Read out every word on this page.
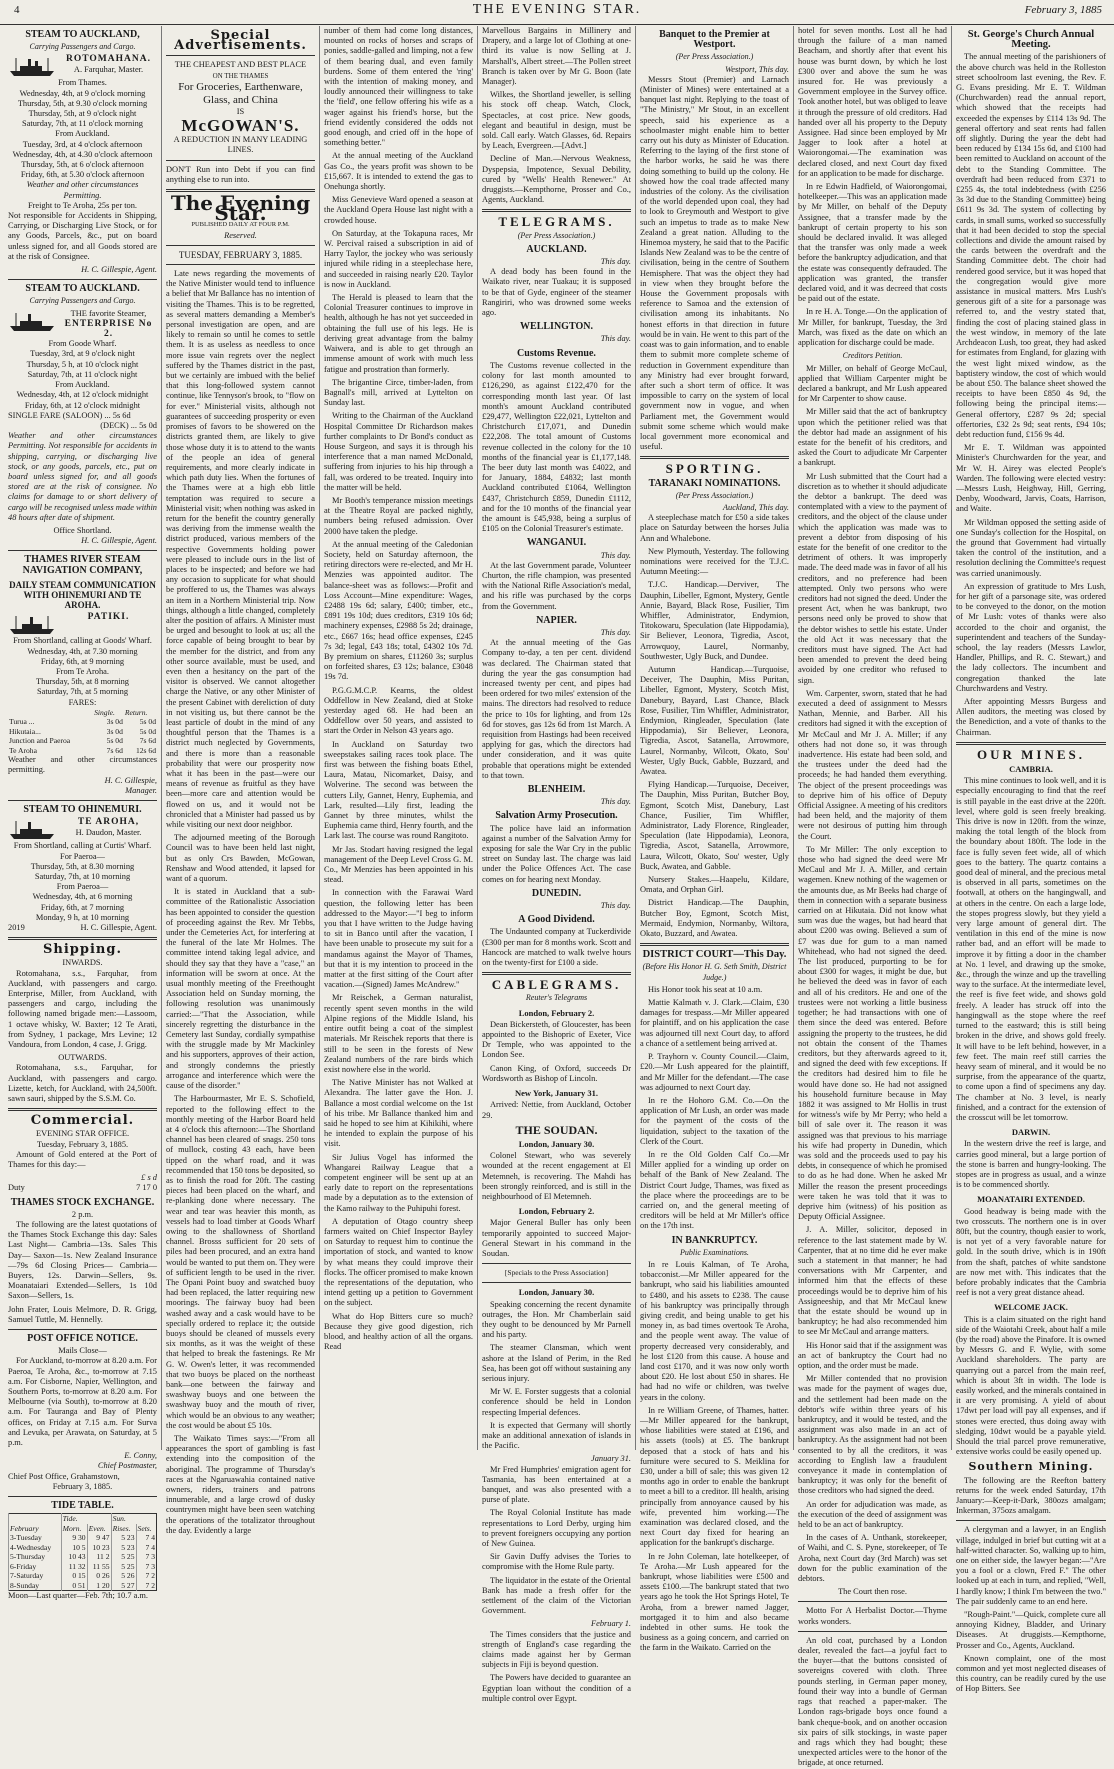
4	THE EVENING STAR.	February 3, 1885
STEAM TO AUCKLAND,
Carrying Passengers and Cargo.
ROTOMAHANA.
A. Farquhar, Master.
From Thames.
Wednesday, 4th, at 9 o'clock morning
Thursday, 5th, at 9.30 o'clock morning
Thursday, 5th, at 9 o'clock night
Saturday, 7th, at 11 o'clock morning
From Auckland.
Tuesday, 3rd, at 4 o'clock afternoon
Wednesday, 4th, at 4.30 o'clock afternoon
Thursday, 5th, at 6 o'clock afternoon
Friday, 6th, at 5.30 o'clock afternoon
Weather and other circumstances Permitting.
Freight to Te Aroha, 25s per ton.

Not responsible for Accidents in Shipping, Carrying, or Discharging Live Stock, or for any Goods, Parcels, &c., put on board unless signed for, and all Goods stored are at the risk of Consignee.

H. C. Gillespie, Agent.
STEAM TO AUCKLAND.
Carrying Passengers and Cargo.
THE favorite Steamer,
ENTERPRISE No 2.
From Goode Wharf.
Tuesday, 3rd, at 9 o'clock night
Thursday, 5 h, at 10 o'clock night
Saturday, 7th, at 11 o'clock night
From Auckland.
Wednesday, 4th, at 12 o'clock midnight
Friday, 6th, at 12 o'clock midnight
SINGLE FARE (SALOON) ... 5s 6d
(DECK) ... 5s 0d

Weather and other circumstances Permitting. Not responsible for accidents in shipping, carrying, or discharging live stock, or any goods, parcels, etc., put on board unless signed for, and all goods stored are at the risk of consignee. No claims for damage to or short delivery of cargo will be recognised unless made within 48 hours after date of shipment.

Office Shortland.
H. C. Gillespie, Agent.
THAMES RIVER STEAM NAVIGATION COMPANY,
DAILY STEAM COMMUNICATION WITH OHINEMURI AND TE AROHA.
PATIKI.
From Shortland, calling at Goods' Wharf.
Wednesday, 4th, at 7.30 morning
Friday, 6th, at 9 morning
From Te Aroha.
Thursday, 5th, at 8 morning
Saturday, 7th, at 5 morning
FARES:
	Single.	Return.
Turua ...	3s 0d	5s 0d
Hikutaia...	3s 0d	5s 0d
Junction and Paeroa	5s 0d	7s 6d
Te Aroha	7s 6d	12s 6d
Weather and other circumstances permitting.
H. C. Gillespie,
Manager.
STEAM TO OHINEMURI.
TE AROHA,
H. Daudon, Master.
From Shortland, calling at Curtis' Wharf.
For Paeroa—
Thursday, 5th, at 8.30 morning
Saturday, 7th, at 10 morning
From Paeroa—
Wednesday, 4th, at 6 morning
Friday, 6th, at 7 morning
Monday, 9 h, at 10 morning
2019	H. C. Gillespie, Agent.
Shipping.
INWARDS.

Rotomahana, s.s., Farquhar, from Auckland, with passengers and cargo. Enterprise, Miller, from Auckland, with passengers and cargo, including the following named brigade men:—Lassoom, 1 octave whisky, W. Baxter; 12 Te Arati, from Sydney, 1 package, Mrs Levine; 12 Vandoura, from London, 4 case, J. Grigg.

OUTWARDS.

Rotomahana, s.s., Farquhar, for Auckland, with passengers and cargo. Lizette, ketch, for Auckland, with 24,500ft. sawn sauri, shipped by the S.S.M. Co.

Commercial.
EVENING STAR OFFICE.
Tuesday, February 3, 1885.

Amount of Gold entered at the Port of Thames for this day:—

£ s d
Duty	7 17 0
THAMES STOCK EXCHANGE.
2 p.m.

The following are the latest quotations of the Thames Stock Exchange this day: Sales Last Night— Cambria—13s. Sales This Day— Saxon—1s. New Zealand Insurance—79s 6d Closing Prices— Cambria—Buyers, 12s. Darwin—Sellers, 9s. Moanataiari Extended—Sellers, 1s 10d Saxon—Sellers, 1s.

John Frater, Louis Melmore, D. R. Grigg, Samuel Tuttle, M. Hennelly.

POST OFFICE NOTICE.
Mails Close—

For Auckland, to-morrow at 8.20 a.m. For Paeroa, Te Aroha, &c., to-morrow at 7.15 a.m. For Cisborne, Napier, Wellington, and Southern Ports, to-morrow at 8.20 a.m. For Melbourne (via South), to-morrow at 8.20 a.m. For Tauranga and Bay of Plenty offices, on Friday at 7.15 a.m. For Surva and Levuka, per Arawata, on Saturday, at 5 p.m.

E. Conny,
Chief Postmaster,
Chief Post Office, Grahamstown,
February 3, 1885.
TIDE TABLE.
	Tide.		Sun.	
February	Morn.	Even.	Rises.	Sets.
3-Tuesday	9 30	9 47	5 23	7 4
4-Wednesday	10 5	10 23	5 23	7 4
5-Thursday	10 43	11 2	5 25	7 3
6-Friday	11 32	11 55	5 25	7 3
7-Saturday	0 15	0 26	5 26	7 2
8-Sunday	0 51	1 20	5 27	7 2
Moon—Last quarter—Feb. 7th; 10.7 a.m.
Special Advertisements.
THE CHEAPEST AND BEST PLACE
ON THE THAMES
For Groceries, Earthenware, Glass, and China
IS
McGOWAN'S.
A REDUCTION IN MANY LEADING LINES.

DON'T Run into Debt if you can find anything else to run into.

The Evening Star.
PUBLISHED DAILY AT FOUR P.M.
Reserved.
TUESDAY, FEBRUARY 3, 1885.

Late news regarding the movements of the Native Minister would tend to influence a belief that Mr Ballance has no intention of visiting the Thames. This is to be regretted, as several matters demanding a Member's personal investigation are open, and are likely to remain so until he comes to settle them. It is as useless as needless to once more issue vain regrets over the neglect suffered by the Thames district in the past, but we certainly are imbued with the belief that this long-followed system cannot continue, like Tennyson's brook, to "flow on for ever." Ministerial visits, although not guarantees of succeeding prosperity or even promises of favors to be showered on the districts granted them, are likely to give those whose duty it is to attend to the wants of the people an idea of general requirements, and more clearly indicate in which path duty lies. When the fortunes of the Thames were at a high ebb little temptation was required to secure a Ministerial visit; when nothing was asked in return for the benefit the country generally was deriving from the immense wealth the district produced, various members of the respective Governments holding power were pleased to include ours in the list of places to be inspected; and before we had any occasion to supplicate for what should be proffered to us, the Thames was always an item in a Northern Ministerial trip. Now things, although a little changed, completely alter the position of affairs. A Minister must be urged and besought to look at us; all the force capable of being brought to bear by the member for the district, and from any other source available, must be used, and even then a hesitancy on the part of the visitor is observed. We cannot altogether charge the Native, or any other Minister of the present Cabinet with dereliction of duty in not visiting us, but there cannot be the least particle of doubt in the mind of any thoughtful person that the Thames is a district much neglected by Governments, and there is more than a reasonable probability that were our prosperity now what it has been in the past—were our means of revenue as fruitful as they have been—more care and attention would be flowed on us, and it would not be chronicled that a Minister had passed us by while visiting our next door neighbor.

The adjourned meeting of the Borough Council was to have been held last night, but as only Crs Bawden, McGowan, Renshaw and Wood attended, it lapsed for want of a quorum.

It is stated in Auckland that a sub-committee of the Rationalistic Association has been appointed to consider the question of proceeding against the Rev. Mr Tebbs, under the Cemeteries Act, for interfering at the funeral of the late Mr Holmes. The committee intend taking legal advice, and should they say that they have a "case," an information will be sworn at once. At the usual monthly meeting of the Freethought Association held on Sunday morning, the following resolution was unanimously carried:—"That the Association, while sincerely regretting the disturbance in the Cemetery last Sunday, cordially sympathise with the struggle made by Mr Mackinley and his supporters, approves of their action, and strongly condemns the priestly arrogance and interference which were the cause of the disorder."

The Harbourmaster, Mr E. S. Schofield, reported to the following effect to the monthly meeting of the Harbor Board held at 4 o'clock this afternoon:—The Shortland channel has been cleared of snags. 250 tons of mullock, costing 43 each, have been tipped on the wharf road, and it was recommended that 150 tons be deposited, so as to finish the road for 20ft. The casting pieces had been placed on the wharf, and re-planking done where necessary. The wear and tear was heavier this month, as vessels had to load timber at Goods Wharf owing to the shallowness of Shortland channel. Brosss sufficient for 20 sets of piles had been procured, and an extra hand would be wanted to put them on. They were of sufficient length to be used in the river. The Opani Point buoy and swatched buoy had been replaced, the latter requiring new moorings. The fairway buoy had been washed away and a cask would have to be specially ordered to replace it; the outside buoys should be cleaned of mussels every six months, as it was the weight of these that helped to break the fastenings. Re Mr G. W. Owen's letter, it was recommended that two buoys be placed on the northeast bank—one between the fairway and swashway buoys and one between the swashway buoy and the mouth of river, which would be an obvious to any weather; the cost would be about £5 10s.

The Waikato Times says:—"From all appearances the sport of gambling is fast extending into the composition of the aboriginal. The programme of Thursday's races at the Ngaruawahia contained native owners, riders, trainers and patrons innumerable, and a large crowd of dusky countrymen might have been seen watching the operations of the totalizator throughout the day. Evidently a large

number of them had come long distances, mounted on rocks of horses and scraps of ponies, saddle-galled and limping, not a few of them bearing dual, and even family burdens. Some of them entered the 'ring' with the intention of making money, and loudly announced their willingness to take the 'field', one fellow offering his wife as a wager against his friend's horse, but the friend evidently considered the odds not good enough, and cried off in the hope of something better."

At the annual meeting of the Auckland Gas Co., the years profit was shown to be £15,667. It is intended to extend the gas to Onehunga shortly.

Miss Genevieve Ward opened a season at the Auckland Opera House last night with a crowded house.

On Saturday, at the Tokapuna races, Mr W. Percival raised a subscription in aid of Harry Taylor, the jockey who was seriously injured while riding in a steeplechase here, and succeeded in raising nearly £20. Taylor is now in Auckland.

The Herald is pleased to learn that the Colonial Treasurer continues to improve in health, although he has not yet succeeded in obtaining the full use of his legs. He is deriving great advantage from the balmy Waiwera, and is able to get through an immense amount of work with much less fatigue and prostration than formerly.

The brigantine Circe, timber-laden, from Bagnall's mill, arrived at Lyttelton on Sunday last.

Writing to the Chairman of the Auckland Hospital Committee Dr Richardson makes further complaints to Dr Bond's conduct as House Surgeon, and says it is through his interference that a man named McDonald, suffering from injuries to his hip through a fall, was ordered to be treated. Inquiry into the matter will be held.

Mr Booth's temperance mission meetings at the Theatre Royal are packed nightly, numbers being refused admission. Over 2000 have taken the pledge.

At the annual meeting of the Caledonian Society, held on Saturday afternoon, the retiring directors were re-elected, and Mr H. Menzies was appointed auditor. The balance-sheet was as follows:—Profit and Loss Account—Mine expenditure: Wages, £2488 19s 6d; salary, £400; timber, etc., £891 19s 10d; dues creditors, £319 10s 6d; machinery expenses, £2988 5s 2d; drainage, etc., £667 16s; head office expenses, £245 7s 3d; legal, £43 18s; total, £4302 10s 7d. By premium on shares, £11260 3s; surplus on forfeited shares, £3 12s; balance, £3048 19s 7d.

P.G.G.M.C.P. Kearns, the oldest Oddfellow in New Zealand, died at Stoke yesterday aged 68. He had been an Oddfellow over 50 years, and assisted to start the Order in Nelson 43 years ago.

In Auckland on Saturday two sweepstakes sailing races took place. The first was between the fishing boats Ethel, Laura, Matau, Nicomarket, Daisy, and Wolverine. The second was between the cutters Lily, Gannet, Henry, Euphemia, and Lark, resulted—Lily first, leading the Gannet by three minutes, whilst the Euphemia came third, Henry fourth, and the Lark last. The course was round Rangitoto.

Mr Jas. Stodart having resigned the legal management of the Deep Level Cross G. M. Co., Mr Menzies has been appointed in his stead.

In connection with the Farawai Ward question, the following letter has been addressed to the Mayor:—"I beg to inform you that I have written to the Judge having to sit in Banco until after the vacation, I have been unable to prosecute my suit for a mandamus against the Mayor of Thames, but that it is my intention to proceed in the matter at the first sitting of the Court after vacation.—(Signed) James McAndrew."

Mr Reischek, a German naturalist, recently spent seven months in the wild Alpine regions of the Middle Island, his entire outfit being a coat of the simplest materials. Mr Reischek reports that there is still to be seen in the forests of New Zealand numbers of the rare birds which exist nowhere else in the world.

The Native Minister has not Walked at Alexandra. The latter gave the Hon. J. Ballance a most cordial welcome on the 1st of his tribe. Mr Ballance thanked him and said he hoped to see him at Kihikihi, where he intended to explain the purpose of his visit.

Sir Julius Vogel has informed the Whangarei Railway League that a competent engineer will be sent up at an early date to report on the representations made by a deputation as to the extension of the Kamo railway to the Puhipuhi forest.

A deputation of Otago country sheep farmers waited on Chief Inspector Bayley on Saturday to request him to continue the importation of stock, and wanted to know by what means they could improve their flocks. The officer promised to make known the representations of the deputation, who intend getting up a petition to Government on the subject.

What do Hop Bitters cure so much? Because they give good digestion, rich blood, and healthy action of all the organs. Read

Marvellous Bargains in Millinery and Drapery, and a large lot of Clothing at one-third its value is now Selling at J. Marshall's, Albert street.—The Pollen street Branch is taken over by Mr G. Boon (late Manager).

Wilkes, the Shortland jeweller, is selling his stock off cheap. Watch, Clock, Spectacles, at cost price. New goods, elegant and beautiful in design, must be sold. Call early. Watch Glasses, 6d. Repairs by Leach, Evergreen.—[Advt.]

Decline of Man.—Nervous Weakness, Dyspepsia, Impotence, Sexual Debility, cured by "Wells' Health Renewer." At druggists.—Kempthorne, Prosser and Co., Agents, Auckland.

TELEGRAMS.
(Per Press Association.)
AUCKLAND.
This day.

A dead body has been found in the Waikato river, near Tuakau; it is supposed to be that of Gyde, engineer of the steamer Rangiriri, who was drowned some weeks ago.

WELLINGTON.
This day.
Customs Revenue.

The Customs revenue collected in the colony for last month amounted to £126,290, as against £122,470 for the corresponding month last year. Of last month's amount Auckland contributed £29,477, Wellington £22,021, Lyttelton and Christchurch £17,071, and Dunedin £22,208. The total amount of Customs revenue collected in the colony for the 10 months of the financial year is £1,177,148. The beer duty last month was £4022, and for January, 1884, £4832; last month Auckland contributed £1064, Wellington £437, Christchurch £859, Dunedin £1112, and for the 10 months of the financial year the amount is £45,938, being a surplus of £105 on the Colonial Treasurer's estimate.

WANGANUI.
This day.

At the last Government parade, Volunteer Churton, the rifle champion, was presented with the National Rifle Association's medal, and his rifle was purchased by the corps from the Government.

NAPIER.
This day.

At the annual meeting of the Gas Company to-day, a ten per cent. dividend was declared. The Chairman stated that during the year the gas consumption had increased twenty per cent, and pipes had been ordered for two miles' extension of the mains. The directors had resolved to reduce the price to 10s for lighting, and from 12s 6d for stoves, gas 12s 6d from 1st March. A requisition from Hastings had been received applying for gas, which the directors had under consideration, and it was quite probable that operations might be extended to that town.

BLENHEIM.
This day.
Salvation Army Prosecution.

The police have laid an information against a number of the Salvation Army for exposing for sale the War Cry in the public street on Sunday last. The charge was laid under the Police Offences Act. The case comes on for hearing next Monday.

DUNEDIN.
This day.
A Good Dividend.

The Undaunted company at Tuckerdivide (£300 per man for 8 months work. Scott and Hancock are matched to walk twelve hours on the twenty-first for £100 a side.

CABLEGRAMS.
Reuter's Telegrams
London, February 2.

Dean Bickersteth, of Gloucester, has been appointed to the Bishopric of Exeter, Vice Dr Temple, who was appointed to the London See.

Canon King, of Oxford, succeeds Dr Wordsworth as Bishop of Lincoln.

New York, January 31.

Arrived: Nettie, from Auckland, October 29.

THE SOUDAN.
London, January 30.

Colonel Stewart, who was severely wounded at the recent engagement at El Metemneh, is recovering. The Mahdi has been strongly reinforced, and is still in the neighbourhood of El Metemneh.

London, February 2.

Major General Buller has only been temporarily appointed to succeed Major-General Stewart in his command in the Soudan.

[Specials to the Press Association]
London, January 30.

Speaking concerning the recent dynamite outrages, the Hon. Mr Chamberlain said they ought to be denounced by Mr Parnell and his party.

The steamer Clansman, which went ashore at the Island of Perim, in the Red Sea, has been got off without sustaining any serious injury.

Mr W. E. Forster suggests that a colonial conference should be held in London respecting Imperial defences.

It is expected that Germany will shortly make an additional annexation of islands in the Pacific.

January 31.

Mr Fred Humphries' emigration agent for Tasmania, has been entertained at a banquet, and was also presented with a purse of plate.

The Royal Colonial Institute has made representations to Lord Derby, urging him to prevent foreigners occupying any portion of New Guinea.

Sir Gavin Duffy advises the Tories to compromise with the Home Rule party.

The liquidator in the estate of the Oriental Bank has made a fresh offer for the settlement of the claim of the Victorian Government.

February 1.

The Times considers that the justice and strength of England's case regarding the claims made against her by German subjects in Fiji is beyond question.

The Powers have decided to guarantee an Egyptian loan without the condition of a multiple control over Egypt.

Banquet to the Premier at Westport.
(Per Press Association.)
Westport, This day.

Messrs Stout (Premier) and Larnach (Minister of Mines) were entertained at a banquet last night. Replying to the toast of "The Ministry," Mr Stout, in an excellent speech, said his experience as a schoolmaster might enable him to better carry out his duty as Minister of Education. Referring to the laying of the first stone of the harbor works, he said he was there doing something to build up the colony. He showed how the coal trade affected many industries of the colony. As the civilisation of the world depended upon coal, they had to look to Greymouth and Westport to give such an impetus to trade as to make New Zealand a great nation. Alluding to the Hinemoa mystery, he said that to the Pacific Islands New Zealand was to be the centre of civilisation, being in the centre of Southern Hemisphere. That was the object they had in view when they brought before the House the Government proposals with reference to Samoa and the extension of civilisation among its inhabitants. No honest efforts in that direction in future would be in vain. He went to this part of the coast was to gain information, and to enable them to submit more complete scheme of reduction in Government expenditure than any Ministry had ever brought forward, after such a short term of office. It was impossible to carry on the system of local government now in vogue, and when Parliament met, the Government would submit some scheme which would make local government more economical and useful.

SPORTING.
TARANAKI NOMINATIONS.
(Per Press Association.)
Auckland, This day.

A steeplechase match for £50 a side takes place on Saturday between the horses Julia Ann and Whalebone.

New Plymouth, Yesterday. The following nominations were received for the T.J.C. Autumn Meeting:—

T.J.C. Handicap.—Derviver, The Dauphin, Libeller, Egmont, Mystery, Gentle Annie, Bayard, Black Rose, Fusilier, Tim Whiffler, Administrator, Endymion, Titokowaru, Speculation (late Hippodamia), Sir Believer, Leonora, Tigredia, Ascot, Arrowquoy, Laurel, Normanby, Southwester, Ugly Buck, and Dundee.

Autumn Handicap.—Turquoise, Deceiver, The Dauphin, Miss Puritan, Libeller, Egmont, Mystery, Scotch Mist, Danebury, Bayard, Last Chance, Black Rose, Fusilier, Tim Whiffler, Administrator, Endymion, Ringleader, Speculation (late Hippodamia), Sir Believer, Leonora, Tigredia, Ascot, Satanella, Arrowmore, Laurel, Normanby, Wilcott, Okato, Sou' Wester, Ugly Buck, Gabble, Buzzard, and Awatea.

Flying Handicap.—Turquoise, Deceiver, The Dauphin, Miss Puritan, Butcher Boy, Egmont, Scotch Mist, Danebury, Last Chance, Fusilier, Tim Whiffler, Administrator, Lady Florence, Ringleader, Speculation (late Hippodamia), Leonora, Tigredia, Ascot, Satanella, Arrowmore, Laura, Wilcott, Okato, Sou' wester, Ugly Buck, Awatea, and Gabble.

Nursery Stakes.—Haapelu, Kildare, Omata, and Orphan Girl.

District Handicap.—The Dauphin, Butcher Boy, Egmont, Scotch Mist, Mermaid, Endymion, Normanby, Wiltora, Okato, Buzzard, and Awatea.

DISTRICT COURT—This Day.
(Before His Honor H. G. Seth Smith, District Judge.)

His Honor took his seat at 10 a.m.

Mattie Kalmath v. J. Clark.—Claim, £30 damages for trespass.—Mr Miller appeared for plaintiff, and on his application the case was adjourned till next Court day, to afford a chance of a settlement being arrived at.

P. Trayhorn v. County Council.—Claim, £20.—Mr Lush appeared for the plaintiff, and Mr Miller for the defendant.—The case was adjourned to next Court day.

In re the Hohoro G.M. Co.—On the application of Mr Lush, an order was made for the payment of the costs of the liquidation, subject to the taxation of the Clerk of the Court.

In re the Old Golden Calf Co.—Mr Miller applied for a winding up order on behalf of the Bank of New Zealand. The District Court Judge, Thames, was fixed as the place where the proceedings are to be carried on, and the general meeting of creditors will be held at Mr Miller's office on the 17th inst.

IN BANKRUPTCY.
Public Examinations.

In re Louis Kalman, of Te Aroha, tobacconist.—Mr Miller appeared for the bankrupt, who said his liabilities amounted to £480, and his assets to £238. The cause of his bankruptcy was principally through giving credit, and being unable to get his money in, as bad times overtook Te Aroha, and the people went away. The value of property decreased very considerably, and he lost £120 from this cause. A house and land cost £170, and it was now only worth about £20. He lost about £50 in shares. He had had no wife or children, was twelve years in the colony.

In re William Greene, of Thames, hatter.—Mr Miller appeared for the bankrupt, whose liabilities were stated at £196, and his assets (tools) at £5. The bankrupt deposed that a stock of hats and his furniture were secured to S. Meiklina for £30, under a bill of sale; this was given 12 months ago in order to enable the bankrupt to meet a bill to a creditor. Ill health, arising principally from annoyance caused by his wife, prevented him working.—The examination was declared closed, and the next Court day fixed for hearing an application for the bankrupt's discharge.

In re John Coleman, late hotelkeeper, of Te Aroha.—Mr Lush appeared for the bankrupt, whose liabilities were £500 and assets £100.—The bankrupt stated that two years ago he took the Hot Springs Hotel, Te Aroha, from a brewer named Jagger, mortgaged it to him and also became indebted in other sums. He took the business as a going concern, and carried on the farm in the Waikato. Carried on the

hotel for seven months. Lost all he had through the failure of a man named Beacham, and shortly after that event his house was burnt down, by which he lost £300 over and above the sum he was insured for. He was previously a Government employee in the Survey office. Took another hotel, but was obliged to leave it through the pressure of old creditors. Had handed over all his property to the Deputy Assignee. Had since been employed by Mr Jagger to look after a hotel at Waiorongomai.—The examination was declared closed, and next Court day fixed for an application to be made for discharge.

In re Edwin Hadfield, of Waiorongomai, hotelkeeper.—This was an application made by Mr Miller, on behalf of the Deputy Assignee, that a transfer made by the bankrupt of certain property to his son should be declared invalid. It was alleged that the transfer was only made a week before the bankruptcy adjudication, and that the estate was consequently defrauded. The application was granted, the transfer declared void, and it was decreed that costs be paid out of the estate.

In re H. A. Tonge.—On the application of Mr Miller, for bankrupt, Tuesday, the 3rd March, was fixed as the date on which an application for discharge could be made.

Creditors Petition.

Mr Miller, on behalf of George McCaul, applied that William Carpenter might be declared a bankrupt, and Mr Lush appeared for Mr Carpenter to show cause.

Mr Miller said that the act of bankruptcy upon which the petitioner relied was that the debtor had made an assignment of his estate for the benefit of his creditors, and asked the Court to adjudicate Mr Carpenter a bankrupt.

Mr Lush submitted that the Court had a discretion as to whether it should adjudicate the debtor a bankrupt. The deed was contemplated with a view to the payment of creditors, and the object of the clause under which the application was made was to prevent a debtor from disposing of his estate for the benefit of one creditor to the detriment of others. It was improperly made. The deed made was in favor of all his creditors, and no preference had been attempted. Only two persons who were creditors had not signed the deed. Under the present Act, when he was bankrupt, two persons need only be proved to show that the debtor wishes to settle his estate. Under the old Act it was necessary that the creditors must have signed. The Act had been amended to prevent the deed being avoided by one creditor who refused to sign.

Wm. Carpenter, sworn, stated that he had executed a deed of assignment to Messrs Nathan, Mennie, and Barber. All his creditors had signed it with the exception of Mr McCaul and Mr J. A. Miller; if any others had not done so, it was through inadvertence. His estate had been sold, and the trustees under the deed had the proceeds; he had handed them everything. The object of the present proceedings was to deprive him of his office of Deputy Official Assignee. A meeting of his creditors had been held, and the majority of them were not desirous of putting him through the Court.

To Mr Miller: The only exception to those who had signed the deed were Mr McCaul and Mr J. A. Miller, and certain wagemen. Knew nothing of the wagemen or the amounts due, as Mr Beeks had charge of them in connection with a separate business carried on at Hikutaia. Did not know what sum was due the wages, but had heard that about £200 was owing. Believed a sum of £7 was due for gum to a man named Whitehead, who had not signed the deed. The list produced, purporting to be for about £300 for wages, it might be due, but he believed the deed was in favor of each and all of his creditors. He and one of the trustees were not working a little business together; he had transactions with one of them since the deed was entered. Before assigning the property to the trustees, he did not obtain the consent of the Thames creditors, but they afterwards agreed to it, and signed the deed with few exceptions. If the creditors had desired him to file he would have done so. He had not assigned his household furniture because in May 1882 it was assigned to Mr Hollis in trust for witness's wife by Mr Perry; who held a bill of sale over it. The reason it was assigned was that previous to his marriage his wife had property in Dunedin, which was sold and the proceeds used to pay his debts, in consequence of which he promised to do as he had done. When he asked Mr Miller the reason the present proceedings were taken he was told that it was to deprive him (witness) of his position as Deputy Official Assignee.

J. A. Miller, solicitor, deposed in reference to the last statement made by W. Carpenter, that at no time did he ever make such a statement in that manner; he had conversations with Mr Carpenter, and informed him that the effects of these proceedings would be to deprive him of his Assigneeship, and that Mr McCaul knew that the estate should be wound up in bankruptcy; he had also recommended him to see Mr McCaul and arrange matters.

His Honor said that if the assignment was an act of bankruptcy the Court had no option, and the order must be made.

Mr Miller contended that no provision was made for the payment of wages due, and the settlement had been made on the debtor's wife within three years of his bankruptcy, and it would be tested, and the assignment was also made in an act of bankruptcy. As the assignment had not been consented to by all the creditors, it was according to English law a fraudulent conveyance it made in contemplation of bankruptcy; it was only for the benefit of those creditors who had signed the deed.

An order for adjudication was made, as the execution of the deed of assignment was held to be an act of bankruptcy.

In the cases of A. Unthank, storekeeper, of Waihi, and C. S. Pyne, storekeeper, of Te Aroha, next Court day (3rd March) was set down for the public examination of the debtors.

The Court then rose.

Motto For A Herbalist Doctor.—Thyme works wonders.

An old coat, purchased by a London dealer, revealed the fact—a joyful fact to the buyer—that the buttons consisted of sovereigns covered with cloth. Three pounds sterling, in German paper money, found their way into a bundle of German rags that reached a paper-maker. The London rags-brigade boys once found a bank cheque-book, and on another occasion six pairs of silk stockings, in waste paper and rags which they had bought; these unexpected articles were to the honor of the brigade, at once returned.

St. George's Church Annual Meeting.

The annual meeting of the parishioners of the above church was held in the Rolleston street schoolroom last evening, the Rev. F. G. Evans presiding. Mr E. T. Wildman (Churchwarden) read the annual report, which showed that the receipts had exceeded the expenses by £114 13s 9d. The general offertory and seat rents had fallen off slightly. During the year the debt had been reduced by £134 15s 6d, and £100 had been remitted to Auckland on account of the debt to the Standing Committee. The overdraft had been reduced from £371 to £255 4s, the total indebtedness (with £256 3s 3d due to the Standing Committee) being £611 9s 3d. The system of collecting by cards, in small sums, worked so successfully that it had been decided to stop the special collections and divide the amount raised by the cards between the overdraft and the Standing Committee debt. The choir had rendered good service, but it was hoped that the congregation would give more assistance in musical matters. Mrs Lush's generous gift of a site for a parsonage was referred to, and the vestry stated that, finding the cost of placing stained glass in the west window, in memory of the late Archdeacon Lush, too great, they had asked for estimates from England, for glazing with the west light mixed window, as the baptistery window, the cost of which would be about £50. The balance sheet showed the receipts to have been £850 4s 9d, the following being the principal items:—General offertory, £287 9s 2d; special offertories, £32 2s 9d; seat rents, £94 10s; debt reduction fund, £156 9s 4d.

Mr E. T. Wildman was appointed Minister's Churchwarden for the year, and Mr W. H. Airey was elected People's Warden. The following were elected vestry:—Messrs Lush, Heighway, Hill, Gerring, Denby, Woodward, Jarvis, Coats, Harrison, and Waite.

Mr Wildman opposed the setting aside of one Sunday's collection for the Hospital, on the ground that Government had virtually taken the control of the institution, and a resolution declining the Committee's request was carried unanimously.

An expression of gratitude to Mrs Lush, for her gift of a parsonage site, was ordered to be conveyed to the donor, on the motion of Mr Lush: votes of thanks were also accorded to the choir and organist, the superintendent and teachers of the Sunday-school, the lay readers (Messrs Lawlor, Handler, Phillips, and R. C. Stewart,) and the lady collectors. The incumbent and congregation thanked the late Churchwardens and Vestry.

After appointing Messrs Burgess and Allen auditors, the meeting was closed by the Benediction, and a vote of thanks to the Chairman.

OUR MINES.
CAMBRIA.

This mine continues to look well, and it is especially encouraging to find that the reef is still payable in the east drive at the 220ft. level, where gold is seen freely breaking. This drive is now in 120ft. from the winze, making the total length of the block from the boundary about 180ft. The lode in the face is fully seven feet wide, all of which goes to the battery. The quartz contains a good deal of mineral, and the precious metal is observed in all parts, sometimes on the footwall, at others on the hangingwall, and at others in the centre. On each a large lode, the stopes progress slowly, but they yield a very large amount of general dirt. The ventilation in this end of the mine is now rather bad, and an effort will be made to improve it by fitting a door in the chamber at No. 1 level, and drawing up the smoke, &c., through the winze and up the travelling way to the surface. At the intermediate level, the reef is five feet wide, and shows gold freely. A leader has struck off into the hangingwall as the stope where the reef turned to the eastward; this is still being broken in the drive, and shows gold freely. It will have to be left behind, however, in a few feet. The main reef still carries the heavy seam of mineral, and it would be no surprise, from the appearance of the quartz, to come upon a find of specimens any day. The chamber at No. 3 level, is nearly finished, and a contract for the extension of the crosscut will be let tomorrow.

DARWIN.

In the western drive the reef is large, and carries good mineral, but a large portion of the stone is barren and hungry-looking. The stopes are in progress as usual, and a winze is to be commenced shortly.

MOANATAIRI EXTENDED.

Good headway is being made with the two crosscuts. The northern one is in over 80ft, but the country, though easier to work, is not yet of a very favorable nature for gold. In the south drive, which is in 190ft from the shaft, patches of white sandstone are now met with. This indicates that the before probably indicates that the Cambria reef is not a very great distance ahead.

WELCOME JACK.

This is a claim situated on the right hand side of the Waiotahi Creek, about half a mile (by the road) above the Pinafore. It is owned by Messrs G. and F. Wylie, with some Auckland shareholders. The party are quarrying out a parcel from the main reef, which is about 3ft in width. The lode is easily worked, and the minerals contained in it are very promising. A yield of about 17dwt per load will pay all expenses, and if stones were erected, thus doing away with sledging, 10dwt would be a payable yield. Should the trial parcel prove remunerative, extensive works could be easily opened up.

Southern Mining.

The following are the Reefton battery returns for the week ended Saturday, 17th January:—Keep-it-Dark, 380ozs amalgam; Inkerman, 375ozs amalgam.

A clergyman and a lawyer, in an English village, indulged in brief but cutting wit at a half-witted character. So, walking up to him, one on either side, the lawyer began:—"Are you a fool or a clown, Fred F." The other looked up at each in turn, and replied, "Well, I hardly know; I think I'm between the two." The pair suddenly came to an end here.

"Rough-Paint."—Quick, complete cure all annoying Kidney, Bladder, and Urinary Diseases. At druggists.—Kempthorne, Prosser and Co., Agents, Auckland.

Known complaint, one of the most common and yet most neglected diseases of this country, can be readily cured by the use of Hop Bitters. See
